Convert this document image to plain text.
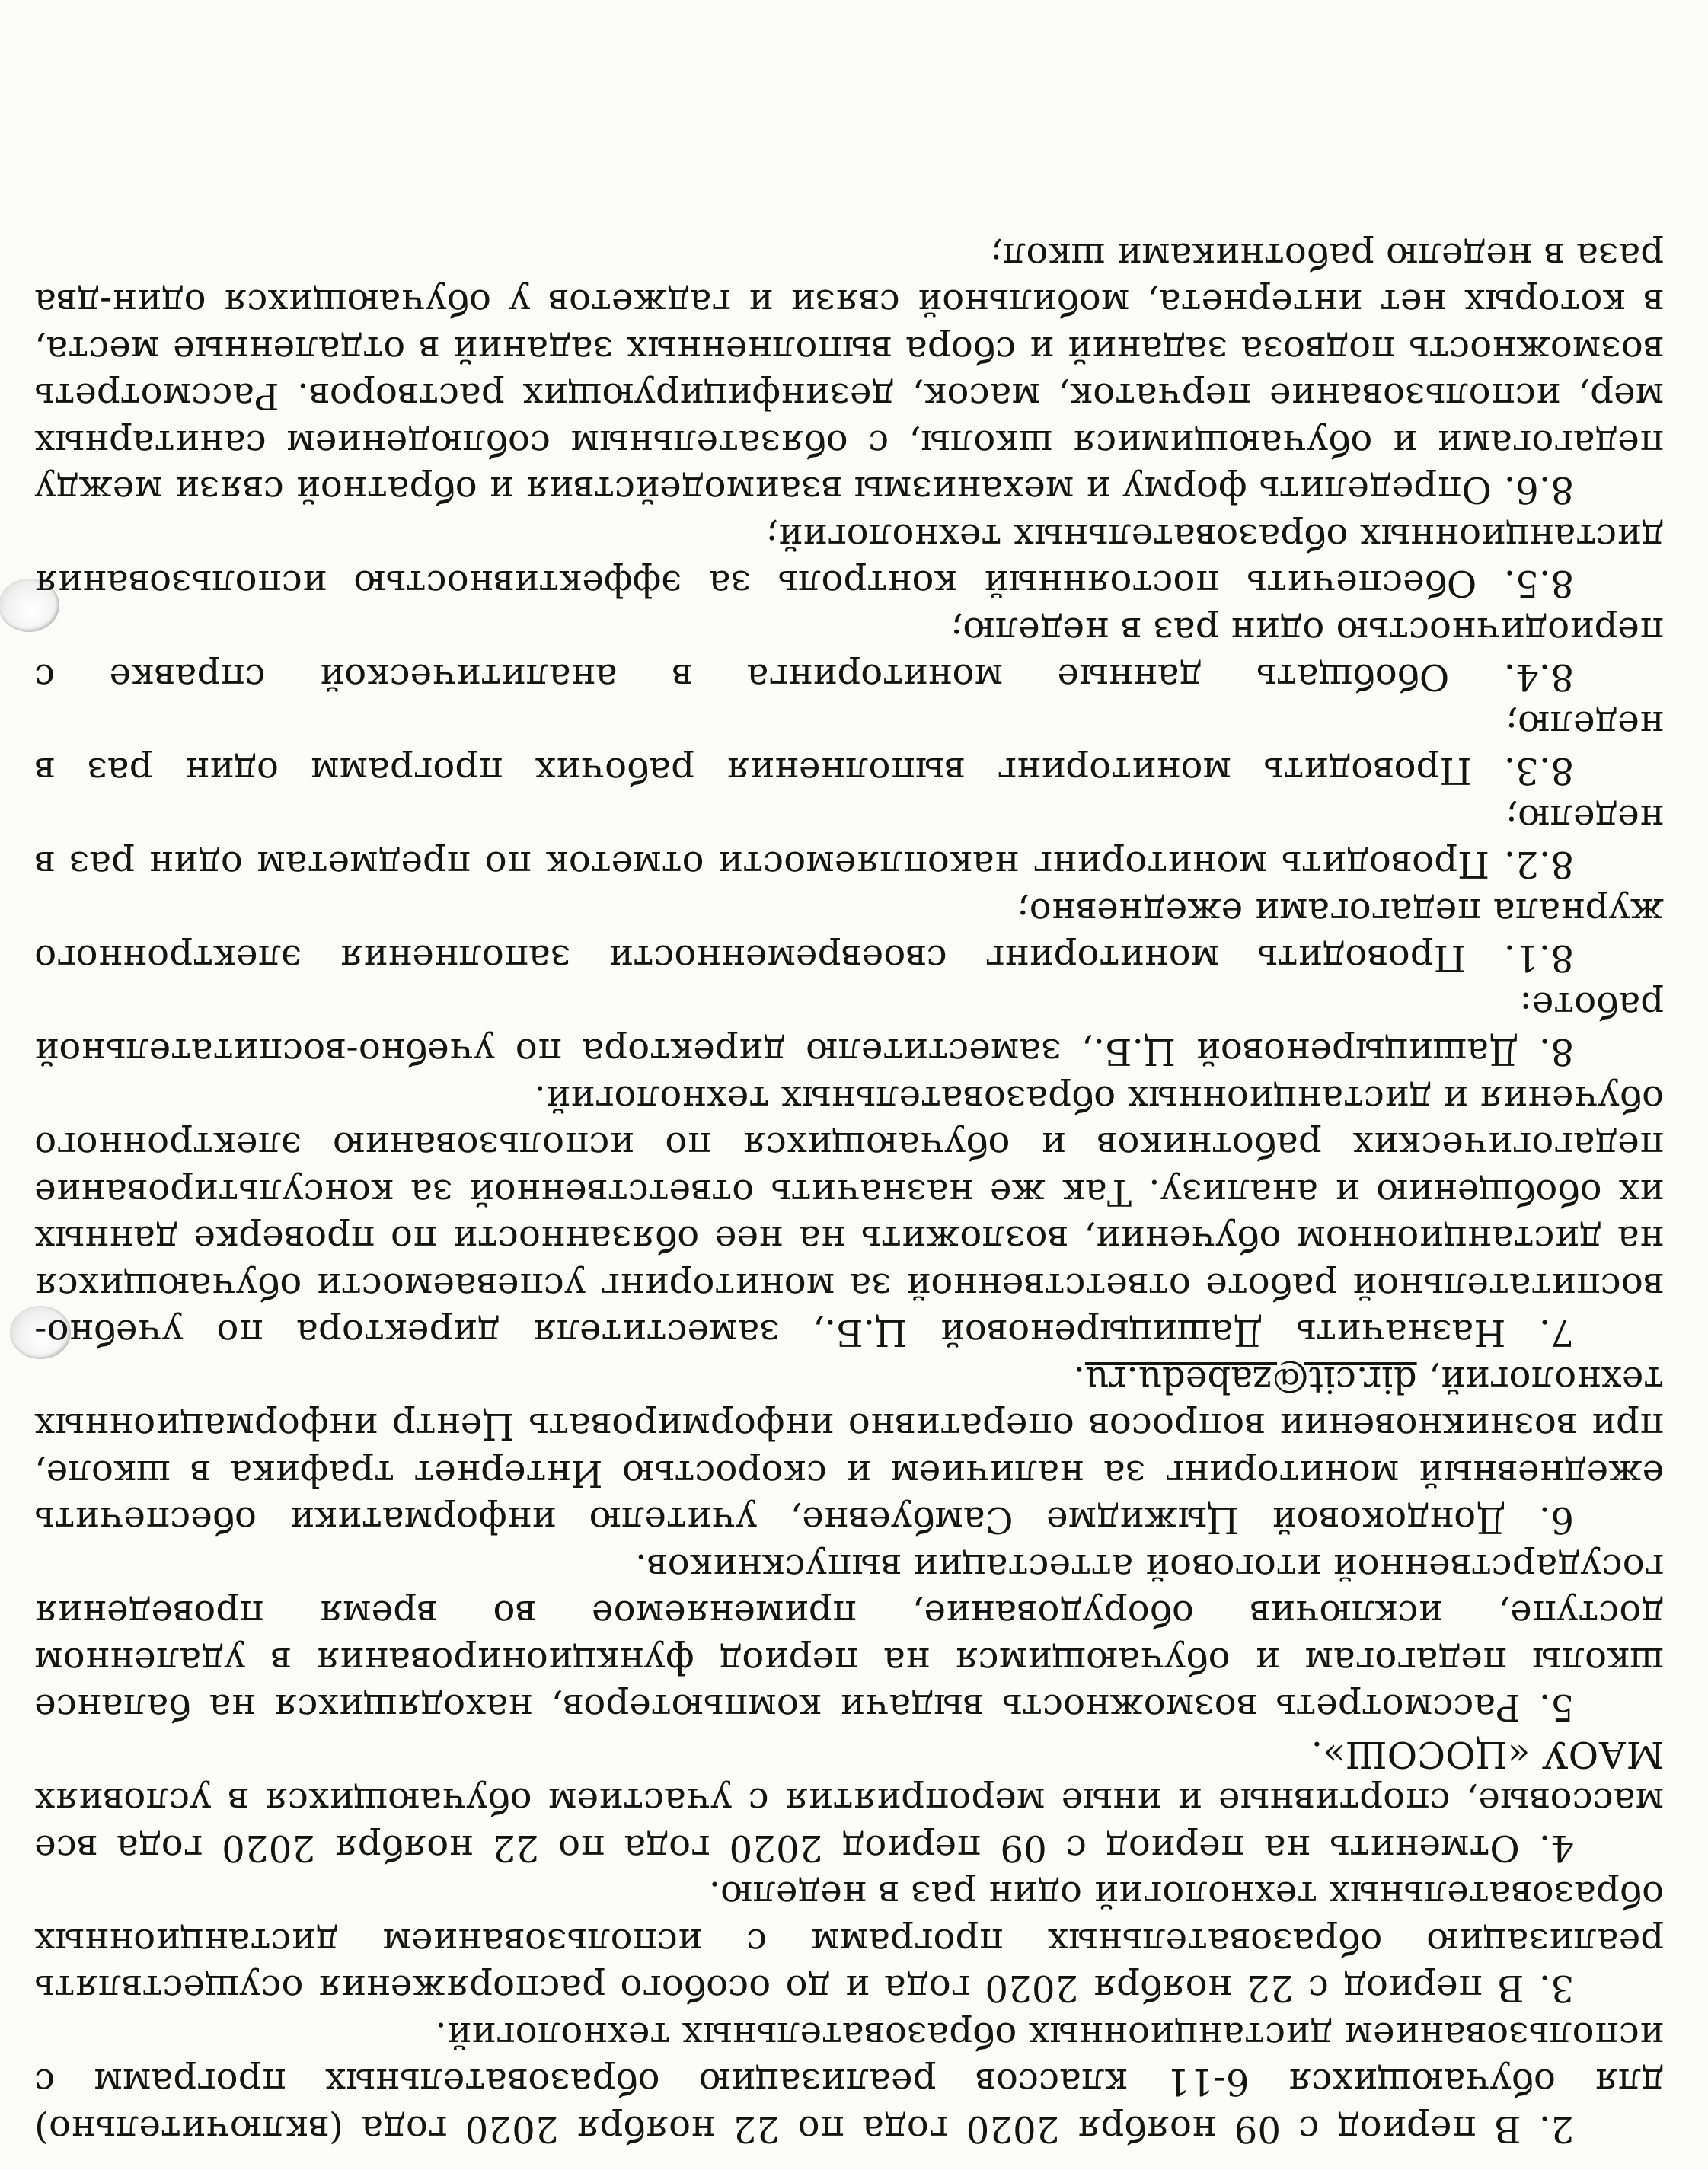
2. В период с 09 ноября 2020 года по 22 ноября 2020 года (включительно) для обучающихся 6-11 классов реализацию образовательных программ с использованием дистанционных образовательных технологий.

3. В период с 22 ноября 2020 года и до особого распоряжения осуществлять реализацию образовательных программ с использованием дистанционных образовательных технологий один раз в неделю.

4. Отменить на период с 09 период 2020 года по 22 ноября 2020 года все массовые, спортивные и иные мероприятия с участием обучающихся в условиях МАОУ «ЦОСОШ».

5. Рассмотреть возможность выдачи компьютеров, находящихся на балансе школы педагогам и обучающимся на период функционирования в удаленном доступе, исключив оборудование, применяемое во время проведения государственной итоговой аттестации выпускников.

6. Дондоковой Цыжидме Самбуевне, учителю информатики обеспечить ежедневный мониторинг за наличием и скоростью Интернет трафика в школе, при возникновении вопросов оперативно информировать Центр информационных технологий, dir.cit@zabedu.ru.

7. Назначить Дашицыреновой Ц.Б., заместителя директора по учебно-воспитательной работе ответственной за мониторинг успеваемости обучающихся на дистанционном обучении, возложить на нее обязанности по проверке данных их обобщению и анализу. Так же назначить ответственной за консультирование педагогических работников и обучающихся по использованию электронного обучения и дистанционных образовательных технологий.

8. Дашицыреновой Ц.Б., заместителю директора по учебно-воспитательной работе:

8.1. Проводить мониторинг своевременности заполнения электронного журнала педагогами ежедневно;

8.2. Проводить мониторинг накопляемости отметок по предметам один раз в неделю;

8.3. Проводить мониторинг выполнения рабочих программ один раз в неделю;

8.4. Обобщать данные мониторинга в аналитической справке с периодичностью один раз в неделю;

8.5. Обеспечить постоянный контроль за эффективностью использования дистанционных образовательных технологий;

8.6. Определить форму и механизмы взаимодействия и обратной связи между педагогами и обучающимися школы, с обязательным соблюдением санитарных мер, использование перчаток, масок, дезинфицирующих растворов. Рассмотреть возможность подвоза заданий и сбора выполненных заданий в отдаленные места, в которых нет интернета, мобильной связи и гаджетов у обучающихся один-два раза в неделю работниками школ;
